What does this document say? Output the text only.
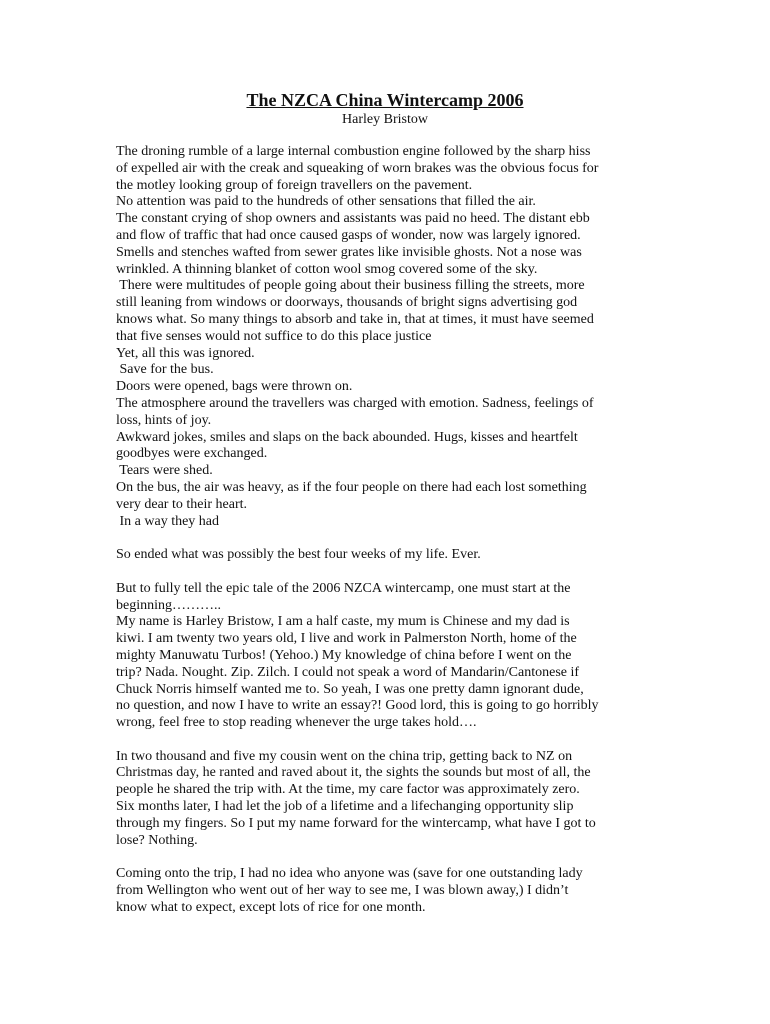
The NZCA China Wintercamp 2006
Harley Bristow
The droning rumble of a large internal combustion engine followed by the sharp hiss
of expelled air with the creak and squeaking of worn brakes was the obvious focus for
the motley looking group of foreign travellers on the pavement.
No attention was paid to the hundreds of other sensations that filled the air.
The constant crying of shop owners and assistants was paid no heed. The distant ebb
and flow of traffic that had once caused gasps of wonder, now was largely ignored.
Smells and stenches wafted from sewer grates like invisible ghosts. Not a nose was
wrinkled. A thinning blanket of cotton wool smog covered some of the sky.
There were multitudes of people going about their business filling the streets, more
still leaning from windows or doorways, thousands of bright signs advertising god
knows what. So many things to absorb and take in, that at times, it must have seemed
that five senses would not suffice to do this place justice
Yet, all this was ignored.
Save for the bus.
Doors were opened, bags were thrown on.
The atmosphere around the travellers was charged with emotion. Sadness, feelings of
loss, hints of joy.
Awkward jokes, smiles and slaps on the back abounded. Hugs, kisses and heartfelt
goodbyes were exchanged.
Tears were shed.
On the bus, the air was heavy, as if the four people on there had each lost something
very dear to their heart.
In a way they had
So ended what was possibly the best four weeks of my life. Ever.
But to fully tell the epic tale of the 2006 NZCA wintercamp, one must start at the
beginning………..
My name is Harley Bristow, I am a half caste, my mum is Chinese and my dad is
kiwi. I am twenty two years old, I live and work in Palmerston North, home of the
mighty Manuwatu Turbos! (Yehoo.) My knowledge of china before I went on the
trip? Nada. Nought. Zip. Zilch. I could not speak a word of Mandarin/Cantonese if
Chuck Norris himself wanted me to. So yeah, I was one pretty damn ignorant dude,
no question, and now I have to write an essay?! Good lord, this is going to go horribly
wrong, feel free to stop reading whenever the urge takes hold….
In two thousand and five my cousin went on the china trip, getting back to NZ on
Christmas day, he ranted and raved about it, the sights the sounds but most of all, the
people he shared the trip with. At the time, my care factor was approximately zero.
Six months later, I had let the job of a lifetime and a lifechanging opportunity slip
through my fingers. So I put my name forward for the wintercamp, what have I got to
lose? Nothing.
Coming onto the trip, I had no idea who anyone was (save for one outstanding lady
from Wellington who went out of her way to see me, I was blown away,) I didn’t
know what to expect, except lots of rice for one month.
